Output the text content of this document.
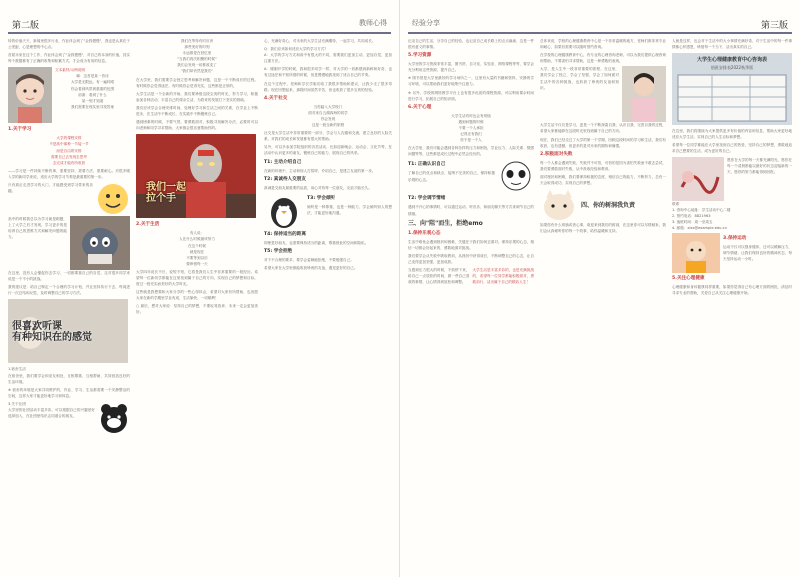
第二版	教师心得
转的价值天天，新闻里很多行业，作业体会到了"金钱慢慢"，我也是认真在于公差距，心是理想的中心点。
首届未来在这个工作，作业体会到了"金钱慢慢"，对自己的本身的价值，其实每个数据都有了正确的收集和积累方式，才会成为有用的信息。
文本素材/示例说明
喻：这首是某一首诗
大学是无限远，有一遍转眼
你会看到风景被重重的包围
前面：看到了什么
某一刻才知道
我们需要在现实里寻找答案
1.关于学习
大学的课程安排
不是高中那种一节接一节
而是自由的安排
需要自己去发现去思考
去完成才能有所收获
——学习是一件持续不断的事，需要坚持，需要方法，需要耐心。对很多刚入学的新同学来说，适应大学的学习节奏是最重要的第一步。
只有真正走进学习的大门，才能感受到学习带来的乐趣。
高中的时候我总以为学习就是刷题，上了大学之后才发现，学习更多的是培养自己的思维方式和解决问题的能力。
在这里，没有人会催促你去学习，一切都要靠自己的自觉，这对很多同学来说是一个不小的挑战。
我的建议是：给自己制定一个合理的学习计划，并且坚持执行下去，每周进行一次总结和反思，及时调整自己的学习方法。
很喜欢听课
有种知识在的感觉
1.宿舍生活
在宿舍里，我们要学会和室友相处，互相尊重，互相帮助，共同营造良好的生活环境。
※ 宿舍的环境是大家共同维护的，作业、学习、生活都需要一个安静整洁的空间，这样大家才能更好地学习和休息。
3.关于社团
大学里的社团活动丰富多彩，可以根据自己的兴趣爱好选择加入，在社团里结识志同道合的朋友。
我们在等待有时应该
那些美好的时刻
永远都是在回忆里
"当我们再次相聚的时候"
我们会发现一切都改变了
"我们却仍然是我们"
在大学里，我们需要学会独立思考和解决问题，这是一个不断成长的过程。有时候你会觉得迷茫，有时候你会觉得充实，这些都是正常的。
大学生活是一个全新的开始，我们要珍惜这段宝贵的时光，努力学习，积极参加各种活动，丰富自己的课余生活，为将来的发展打下坚实的基础。
我们应该学会合理安排时间，处理好学习和生活之间的关系，在学业上不断进步，在生活中不断成长，在实践中不断锻炼自己。
遇到困难的时候，不要气馁，要勇敢面对，积极寻找解决办法，必要时可以向老师和同学寻求帮助，大家都会很乐意帮助你的。
我们一起
拉个手
2.关于生活
有人说：
人在什么时候最该努力
在这个时候
就是现在
不要等到以后
要珍惜每一天
大学四年说长不长，说短不短，它将是我们人生中非常重要的一段经历。希望每一位新同学都能在这里找到属于自己的方向，实现自己的梦想和目标，度过一段充实而美好的大学时光。
这些就是我想要和大家分享的一些心得体会，希望对大家有所帮助，也祝愿大家在新的学期里学业有成，生活愉快，一切顺利！
○ 最后，想对大家说：坚持自己的梦想，不要轻易放弃，未来一定会更加美好。
心，充满好奇心，对未来的大学生活充满期待，一起学习，共同成长。
Q：我们应该如何适应大学的学习方式？
A：大学的学习方式和高中有很大的不同，需要我们更加主动，更加自觉，更加注重方法。
A：刚刚开学的时候，我和很多同学一样，对大学的一切都感到新鲜和好奇，也有过迷茫和不知所措的时候，但是慢慢地我找到了适合自己的节奏。
在这个过程中，老师和学长学姐们给了我很多帮助和建议，让我少走了很多弯路。现在回想起来，那段时间虽然辛苦，但也收获了很多宝贵的经验。
4.关于社交
当你踏入大学校门
面对来自五湖四海的同学
你会发现
这是一段全新的旅程
社交是大学生活中非常重要的一部分，学会与人沟通和交流，建立良好的人际关系，对我们的成长和发展都有很大的帮助。
另外，可以多参加学院组织的各类活动，比如迎新晚会、运动会、文化节等，在活动中认识更多的朋友，锻炼自己的能力，展现自己的风采。
T1: 主动介绍自己
在新的环境中，主动和别人打招呼，介绍自己，是建立友谊的第一步。
T2: 真诚待人交朋友
真诚是交朋友最重要的品质，用心对待每一位朋友，友谊才能长久。
T3: 学会倾听
倾听是一种尊重，也是一种能力，学会倾听别人的想法，才能更好地沟通。
T4: 保持适当的距离
即使是好朋友，也需要保持适当的距离，尊重彼此的空间和隐私。
T5: 学会拒绝
对于不合理的要求，要学会委婉地拒绝，不要勉强自己。
希望大家在大学里都能收获珍贵的友谊，遇见更好的自己。
经验分享	第三版
记录自己的生活，分享自己的经验，也记录自己成长路上的点点滴滴，这是一件很有意义的事情。
5.学习资源
大学里的学习资源非常丰富，图书馆、自习室、实验室、网络课程等等，要学会充分利用这些资源，提升自己。
※ 图书馆是大学里最好的学习场所之一，这里有大量的书籍和资料，安静的学习环境，可以帮助我们更好地集中注意力。
※ 另外，学校的网络教学平台上也有很多优质的课程资源，可以利用课余时间进行学习，拓展自己的知识面。
6.关于心理
大学生活有时也会有烦恼
遇到问题的时候
不要一个人承担
记得还有我们
你不是一个人
在大学里，我们可能会遇到各种各样的压力和困扰，学业压力、人际关系、情感问题等等，这些都是成长过程中必然会经历的。
T1: 正确认识自己
了解自己的优点和缺点，接纳不完美的自己，保持积极乐观的心态。
T2: 学会调节情绪
遇到不开心的事情时，可以通过运动、听音乐、和朋友聊天等方式来调节自己的情绪。
三、向"阻"而生，拒绝emo
1.保持乐观心态
生活中难免会遇到挫折和困难，关键在于我们如何去面对。保持乐观的心态，相信一切都会好起来的，勇敢地面对挑战。
我们要学会从失败中吸取教训，从挫折中获得成长，不断调整自己的心态，让自己变得更加坚强，更加成熟。
当感到压力很大的时候，不妨停下来，给自己一点放松的时间，做一些自己喜欢的事情，让心情得到放松和调整。
大学生活是丰富多彩的，也是充满挑战的，希望每一位同学都能积极面对，勇敢前行，活出属于自己的精彩人生！
总体来说，学校的心理健康教育中心是一个非常温暖的地方，老师们都非常专业和耐心，如果有需要可以随时预约咨询。
在学校的心理健康教育中心，有专业的心理咨询老师，可以为我们提供心理咨询和帮助，不要害怕寻求帮助，这是一种勇敢的表现。
大学，是人生中一段非常重要的旅程，在这里，我们学会了独立，学会了坚强，学会了如何面对生活中的各种挑战，也收获了珍贵的友谊和知识。
大学生活不仅仅是学习，更是一个不断探索自我、认识自我、完善自我的过程，希望大家都能够在这段时光里找到属于自己的方向。
现在，我们已经走过了大学的第一个学期，回顾这段时间的学习和生活，我们有收获，也有遗憾，但更多的是对未来的期待和憧憬。
2.积极面对失败
每一个人都会遇到失败，失败并不可怕，可怕的是因为害怕失败而不敢去尝试，我们要勇敢面对失败，从中汲取经验和教训。
面对挫折和困难，我们要保持积极的态度，相信自己的能力，不断努力，总有一天会取得成功，实现自己的梦想。
四、你的树洞我负责
如果你有什么烦恼或者心事，欢迎来到我们的树洞，在这里你可以尽情倾诉，我们会认真倾听你的每一个故事，给你温暖和支持。
人就是这样，也会对于生活中的大小事情充满好奇，对于生活中的每一件事情都心怀感恩，珍惜每一个当下，活出真实的自己。
大学生心理健康教育中心咨询表
值班安排表2022秋季版
在这里，我们将继续为大家提供更多有价值的内容和信息，帮助大家更好地适应大学生活，实现自己的人生目标和梦想。
希望每一位同学都能在大学里找到自己的热爱，坚持自己的梦想，勇敢地追求自己想要的生活，成为更好的自己。
愿你在大学的每一天都充满阳光，愿你在每一个清晨都能以最好的状态迎接新的一天，愿你的努力都能得到回报。
联系：
1. 咨询中心地址：学生活动中心二楼
2. 预约电话：8821963
3. 值班时间：周一至周五
4. 邮箱：xlzx@example.edu.cn
3.保持运动
运动不仅可以强身健体，还可以缓解压力，调节情绪，让我们保持良好的精神状态，每天坚持运动一小时。
5.关注心理健康
心理健康和身体健康同样重要，如果你觉得自己有心理方面的困扰，请及时寻求专业的帮助，关爱自己从关注心理健康开始。
